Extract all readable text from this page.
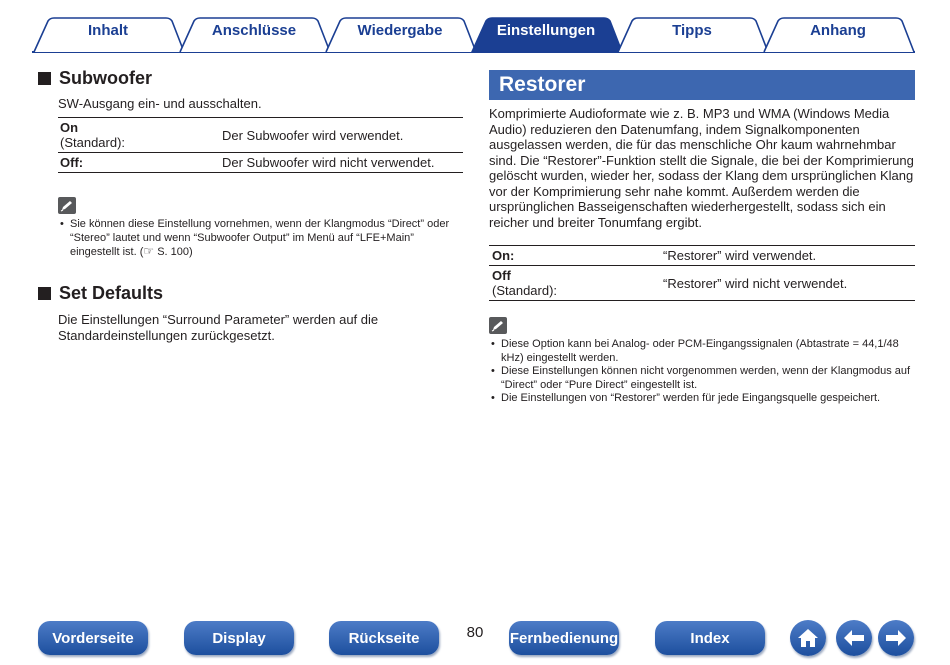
Inhalt	Anschlüsse	Wiedergabe	Einstellungen	Tipps	Anhang
Subwoofer

SW-Ausgang ein- und ausschalten.

On
(Standard):	Der Subwoofer wird verwendet.
Off:	Der Subwoofer wird nicht verwendet.
• Sie können diese Einstellung vornehmen, wenn der Klangmodus “Direct” oder “Stereo” lautet und wenn “Subwoofer Output” im Menü auf “LFE+Main” eingestellt ist. (☞ S. 100)
Set Defaults

Die Einstellungen “Surround Parameter” werden auf die Standardeinstellungen zurückgesetzt.

Restorer

Komprimierte Audioformate wie z. B. MP3 und WMA (Windows Media Audio) reduzieren den Datenumfang, indem Signalkomponenten ausgelassen werden, die für das menschliche Ohr kaum wahrnehmbar sind. Die “Restorer”-Funktion stellt die Signale, die bei der Komprimierung gelöscht wurden, wieder her, sodass der Klang dem ursprünglichen Klang vor der Komprimierung sehr nahe kommt. Außerdem werden die ursprünglichen Basseigenschaften wiederhergestellt, sodass sich ein reicher und breiter Tonumfang ergibt.

On:	“Restorer” wird verwendet.
Off
(Standard):	“Restorer” wird nicht verwendet.
• Diese Option kann bei Analog- oder PCM-Eingangssignalen (Abtastrate = 44,1/48 kHz) eingestellt werden.
• Diese Einstellungen können nicht vorgenommen werden, wenn der Klangmodus auf “Direct” oder “Pure Direct” eingestellt ist.
• Die Einstellungen von “Restorer” werden für jede Eingangsquelle gespeichert.
Vorderseite	Display	Rückseite	80	Fernbedienung	Index
